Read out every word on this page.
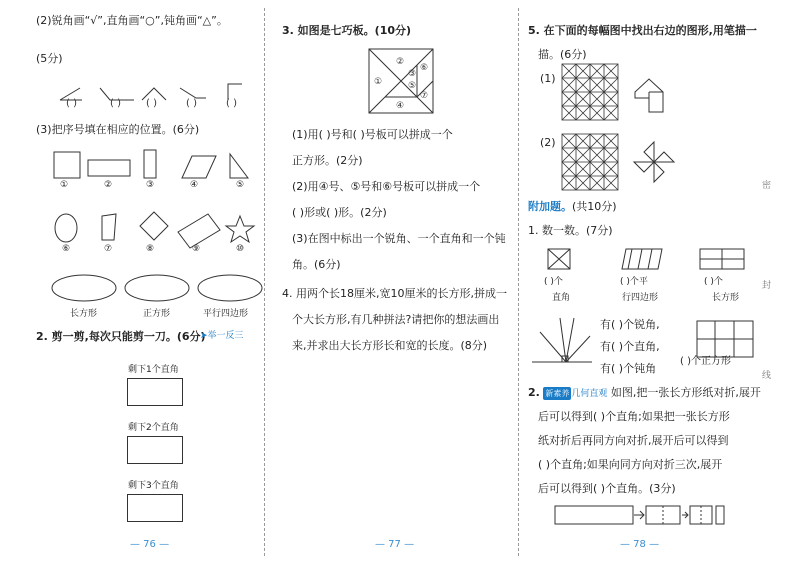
(2)锐角画“√”,直角画“○”,钝角画“△”。
(5分)
( )	( )	( )	( )	( )
(3)把序号填在相应的位置。(6分)
①	②	③	④	⑤
⑥	⑦	⑧	⑨	⑩
长方形	正方形	平行四边形
2. 剪一剪,每次只能剪一刀。(6分)
➤举一反三
剩下1个直角
剩下2个直角
剩下3个直角
3. 如图是七巧板。(10分)
①
②
③
④
⑤
⑥
⑦
(1)用( )号和( )号板可以拼成一个
正方形。(2分)
(2)用④号、⑤号和⑥号板可以拼成一个
( )形或( )形。(2分)
(3)在图中标出一个锐角、一个直角和一个钝
角。(6分)
4. 用两个长18厘米,宽10厘米的长方形,拼成一
个大长方形,有几种拼法?请把你的想法画出
来,并求出大长方形长和宽的长度。(8分)
5. 在下面的每幅图中找出右边的图形,用笔描一
描。(6分)
(1)
(2)
附加题。(共10分)
1. 数一数。(7分)
( )个	( )个平	( )个
直角	行四边形	长方形
有( )个锐角,
有( )个直角,
有( )个钝角
( )个正方形
2. 新素养 几何直观 如图,把一张长方形纸对折,展开
后可以得到( )个直角;如果把一张长方形
纸对折后再同方向对折,展开后可以得到
( )个直角;如果向同方向对折三次,展开
后可以得到( )个直角。(3分)
密
封
线
— 76 —	— 77 —	— 78 —
